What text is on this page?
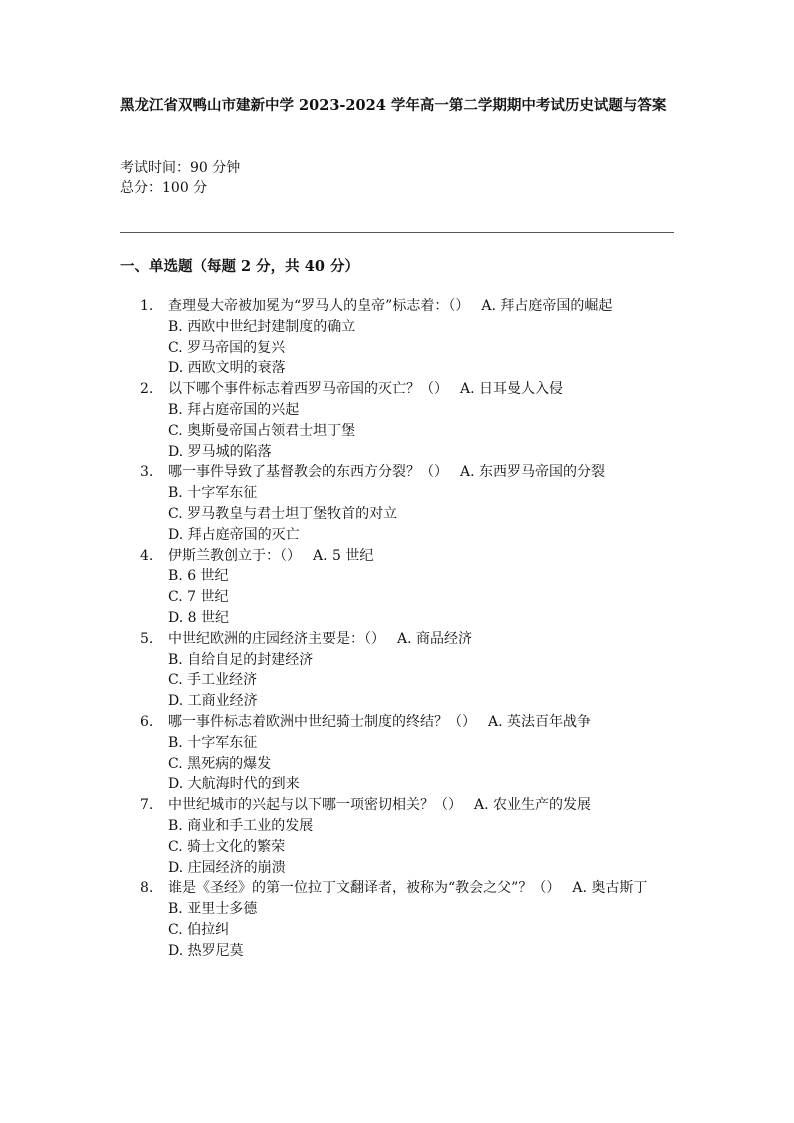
黑龙江省双鸭山市建新中学 2023-2024 学年高一第二学期期中考试历史试题与答案
考试时间：90 分钟
总分：100 分
一、单选题（每题 2 分，共 40 分）
1.	查理曼大帝被加冕为“罗马人的皇帝”标志着：（） A. 拜占庭帝国的崛起
B. 西欧中世纪封建制度的确立
C. 罗马帝国的复兴
D. 西欧文明的衰落
2.	以下哪个事件标志着西罗马帝国的灭亡？（） A. 日耳曼人入侵
B. 拜占庭帝国的兴起
C. 奥斯曼帝国占领君士坦丁堡
D. 罗马城的陷落
3.	哪一事件导致了基督教会的东西方分裂？（） A. 东西罗马帝国的分裂
B. 十字军东征
C. 罗马教皇与君士坦丁堡牧首的对立
D. 拜占庭帝国的灭亡
4.	伊斯兰教创立于：（） A. 5 世纪
B. 6 世纪
C. 7 世纪
D. 8 世纪
5.	中世纪欧洲的庄园经济主要是：（） A. 商品经济
B. 自给自足的封建经济
C. 手工业经济
D. 工商业经济
6.	哪一事件标志着欧洲中世纪骑士制度的终结？（） A. 英法百年战争
B. 十字军东征
C. 黑死病的爆发
D. 大航海时代的到来
7.	中世纪城市的兴起与以下哪一项密切相关？（） A. 农业生产的发展
B. 商业和手工业的发展
C. 骑士文化的繁荣
D. 庄园经济的崩溃
8.	谁是《圣经》的第一位拉丁文翻译者，被称为“教会之父”？（） A. 奥古斯丁
B. 亚里士多德
C. 伯拉纠
D. 热罗尼莫
